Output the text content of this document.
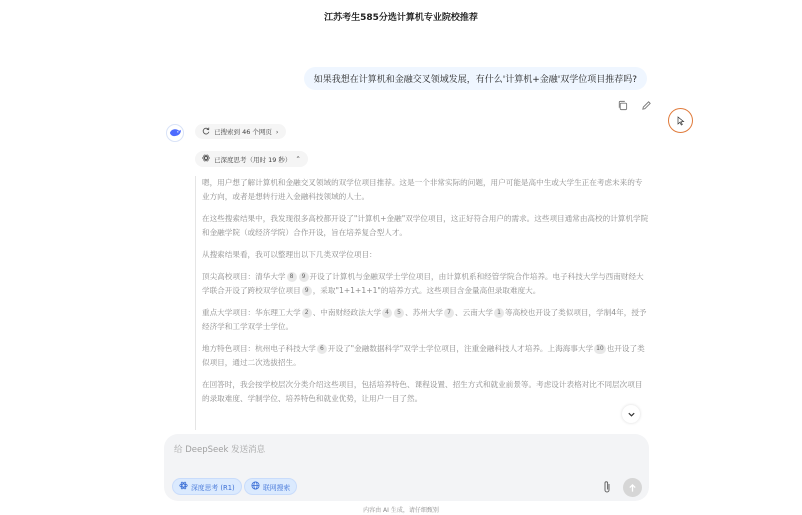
江苏考生585分选计算机专业院校推荐
如果我想在计算机和金融交叉领域发展，有什么'计算机+金融'双学位项目推荐吗?
已搜索到 46 个网页 ›
已深度思考（用时 19 秒） ⌃

嗯，用户想了解计算机和金融交叉领域的双学位项目推荐。这是一个非常实际的问题，用户可能是高中生或大学生正在考虑未来的专业方向，或者是想转行进入金融科技领域的人士。

在这些搜索结果中，我发现很多高校都开设了"计算机+金融"双学位项目，这正好符合用户的需求。这些项目通常由高校的计算机学院和金融学院（或经济学院）合作开设，旨在培养复合型人才。

从搜索结果看，我可以整理出以下几类双学位项目：

顶尖高校项目：清华大学 8 9 开设了计算机与金融双学士学位项目，由计算机系和经管学院合作培养。电子科技大学与西南财经大学联合开设了跨校双学位项目 9 ，采取"1+1+1+1"的培养方式。这些项目含金量高但录取难度大。

重点大学项目：华东理工大学 2 、中南财经政法大学 4 5 、苏州大学 7 、云南大学 1 等高校也开设了类似项目，学制4年，授予经济学和工学双学士学位。

地方特色项目：杭州电子科技大学 6 开设了"金融数据科学"双学士学位项目，注重金融科技人才培养。上海海事大学 10 也开设了类似项目，通过二次选拔招生。

在回答时，我会按学校层次分类介绍这些项目，包括培养特色、课程设置、招生方式和就业前景等。考虑设计表格对比不同层次项目的录取难度、学制学位、培养特色和就业优势，让用户一目了然。

给 DeepSeek 发送消息
深度思考 (R1)	联网搜索
内容由 AI 生成，请仔细甄别
